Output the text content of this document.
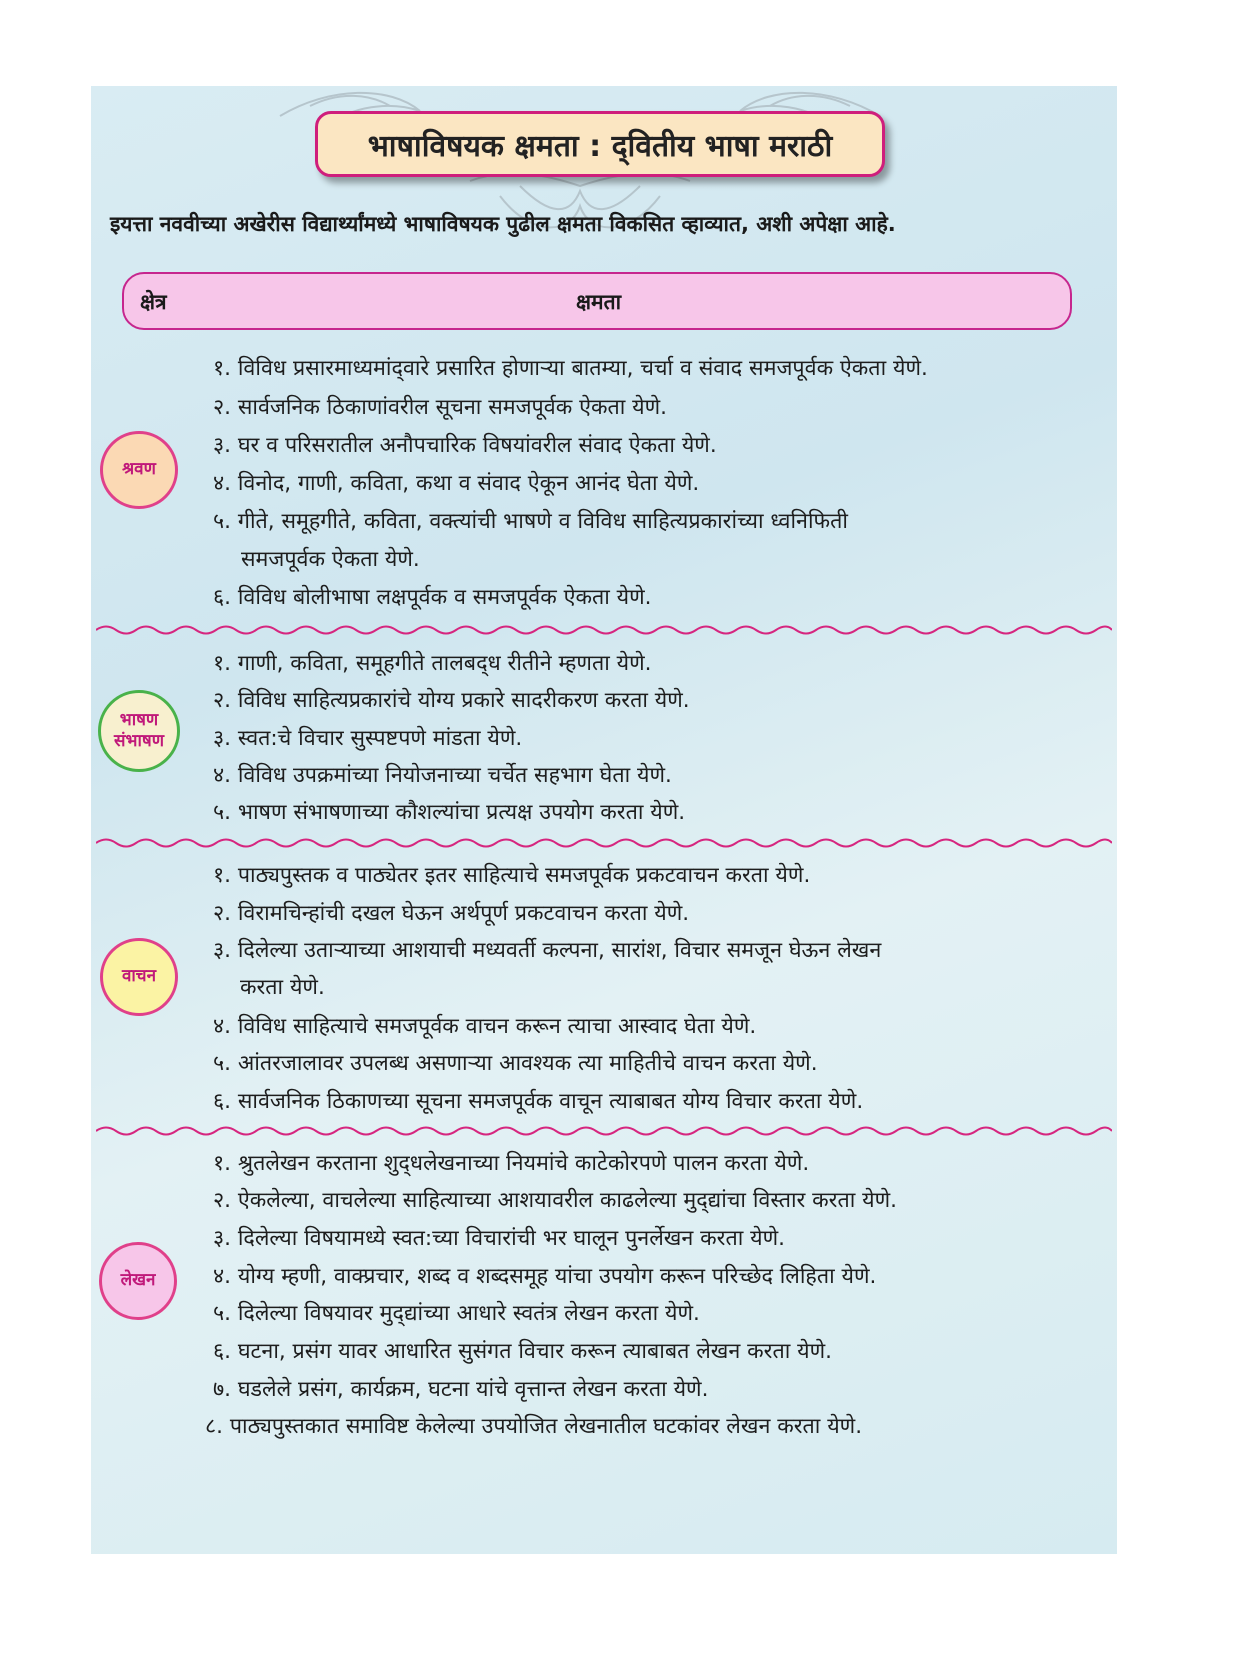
भाषाविषयक क्षमता : द्‌वितीय भाषा मराठी
इयत्ता नववीच्या अखेरीस विद्यार्थ्यांमध्ये भाषाविषयक पुढील क्षमता विकसित व्हाव्यात, अशी अपेक्षा आहे.
क्षेत्र	क्षमता
श्रवण
१. विविध प्रसारमाध्यमांद्‌वारे प्रसारित होणाऱ्या बातम्या, चर्चा व संवाद समजपूर्वक ऐकता येणे.
२. सार्वजनिक ठिकाणांवरील सूचना समजपूर्वक ऐकता येणे.
३. घर व परिसरातील अनौपचारिक विषयांवरील संवाद ऐकता येणे.
४. विनोद, गाणी, कविता, कथा व संवाद ऐकून आनंद घेता येणे.
५. गीते, समूहगीते, कविता, वक्त्यांची भाषणे व विविध साहित्यप्रकारांच्या ध्वनिफिती
समजपूर्वक ऐकता येणे.
६. विविध बोलीभाषा लक्षपूर्वक व समजपूर्वक ऐकता येणे.
भाषण
संभाषण
१. गाणी, कविता, समूहगीते तालबद्‌ध रीतीने म्हणता येणे.
२. विविध साहित्यप्रकारांचे योग्य प्रकारे सादरीकरण करता येणे.
३. स्वत:चे विचार सुस्पष्टपणे मांडता येणे.
४. विविध उपक्रमांच्या नियोजनाच्या चर्चेत सहभाग घेता येणे.
५. भाषण संभाषणाच्या कौशल्यांचा प्रत्यक्ष उपयोग करता येणे.
वाचन
१. पाठ्यपुस्तक व पाठ्येतर इतर साहित्याचे समजपूर्वक प्रकटवाचन करता येणे.
२. विरामचिन्हांची दखल घेऊन अर्थपूर्ण प्रकटवाचन करता येणे.
३. दिलेल्या उताऱ्याच्या आशयाची मध्यवर्ती कल्पना, सारांश, विचार समजून घेऊन लेखन
करता येणे.
४. विविध साहित्याचे समजपूर्वक वाचन करून त्याचा आस्वाद घेता येणे.
५. आंतरजालावर उपलब्ध असणाऱ्या आवश्यक त्या माहितीचे वाचन करता येणे.
६. सार्वजनिक ठिकाणच्या सूचना समजपूर्वक वाचून त्याबाबत योग्य विचार करता येणे.
लेखन
१. श्रुतलेखन करताना शुद्‌धलेखनाच्या नियमांचे काटेकोरपणे पालन करता येणे.
२. ऐकलेल्या, वाचलेल्या साहित्याच्या आशयावरील काढलेल्या मुद्‌द्यांचा विस्तार करता येणे.
३. दिलेल्या विषयामध्ये स्वत:च्या विचारांची भर घालून पुनर्लेखन करता येणे.
४. योग्य म्हणी, वाक्प्रचार, शब्द व शब्दसमूह यांचा उपयोग करून परिच्छेद लिहिता येणे.
५. दिलेल्या विषयावर मुद्‌द्यांच्या आधारे स्वतंत्र लेखन करता येणे.
६. घटना, प्रसंग यावर आधारित सुसंगत विचार करून त्याबाबत लेखन करता येणे.
७. घडलेले प्रसंग, कार्यक्रम, घटना यांचे वृत्तान्त लेखन करता येणे.
८. पाठ्यपुस्तकात समाविष्ट केलेल्या उपयोजित लेखनातील घटकांवर लेखन करता येणे.
